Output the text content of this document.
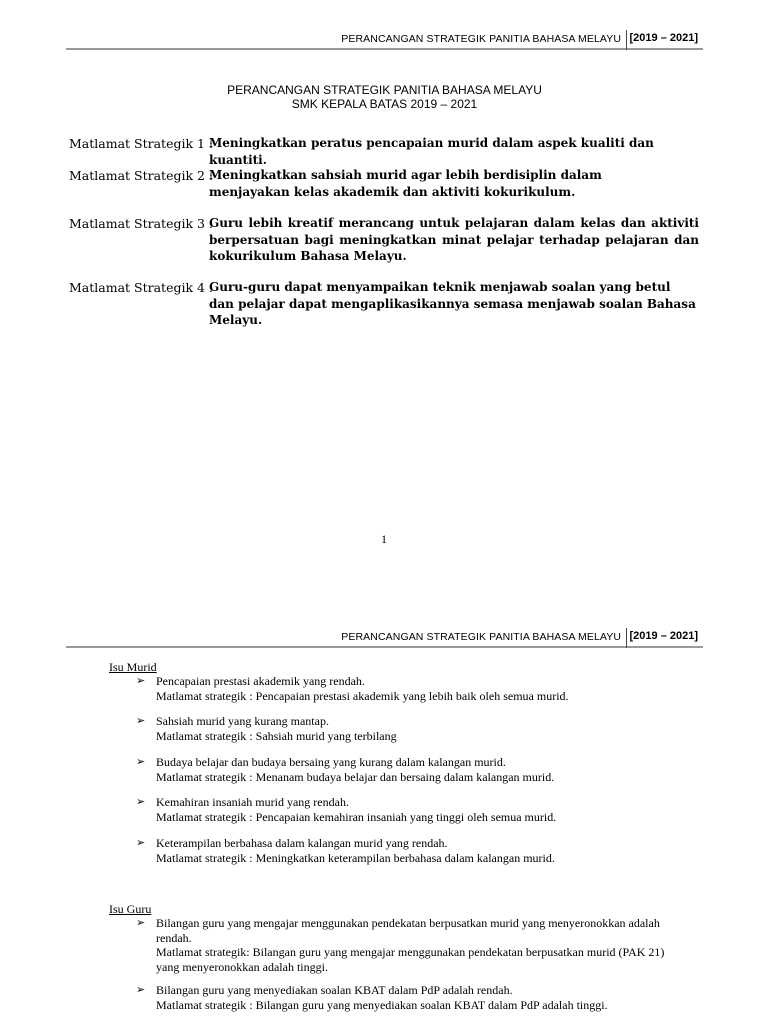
PERANCANGAN STRATEGIK PANITIA BAHASA MELAYU [2019 – 2021]
PERANCANGAN STRATEGIK PANITIA BAHASA MELAYU
SMK KEPALA BATAS 2019 – 2021
Matlamat Strategik 1 :
Meningkatkan peratus pencapaian murid dalam aspek kualiti dan kuantiti.
Matlamat Strategik 2 :
Meningkatkan sahsiah murid agar lebih berdisiplin dalam menjayakan kelas akademik dan aktiviti kokurikulum.
Matlamat Strategik 3 :
Guru lebih kreatif merancang untuk pelajaran dalam kelas dan aktiviti berpersatuan bagi meningkatkan minat pelajar terhadap pelajaran dan kokurikulum Bahasa Melayu.
Matlamat Strategik 4 :
Guru-guru dapat menyampaikan teknik menjawab soalan yang betul dan pelajar dapat mengaplikasikannya semasa menjawab soalan Bahasa Melayu.
1
PERANCANGAN STRATEGIK PANITIA BAHASA MELAYU [2019 – 2021]
Isu Murid
➢ Pencapaian prestasi akademik yang rendah.
Matlamat strategik : Pencapaian prestasi akademik yang lebih baik oleh semua murid.
➢ Sahsiah murid yang kurang mantap.
Matlamat strategik : Sahsiah murid yang terbilang
➢ Budaya belajar dan budaya bersaing yang kurang dalam kalangan murid.
Matlamat strategik : Menanam budaya belajar dan bersaing dalam kalangan murid.
➢ Kemahiran insaniah murid yang rendah.
Matlamat strategik : Pencapaian kemahiran insaniah yang tinggi oleh semua murid.
➢ Keterampilan berbahasa dalam kalangan murid yang rendah.
Matlamat strategik : Meningkatkan keterampilan berbahasa dalam kalangan murid.
Isu Guru
➢ Bilangan guru yang mengajar menggunakan pendekatan berpusatkan murid yang menyeronokkan adalah
rendah.
Matlamat strategik: Bilangan guru yang mengajar menggunakan pendekatan berpusatkan murid (PAK 21)
yang menyeronokkan adalah tinggi.
➢ Bilangan guru yang menyediakan soalan KBAT dalam PdP adalah rendah.
Matlamat strategik : Bilangan guru yang menyediakan soalan KBAT dalam PdP adalah tinggi.
